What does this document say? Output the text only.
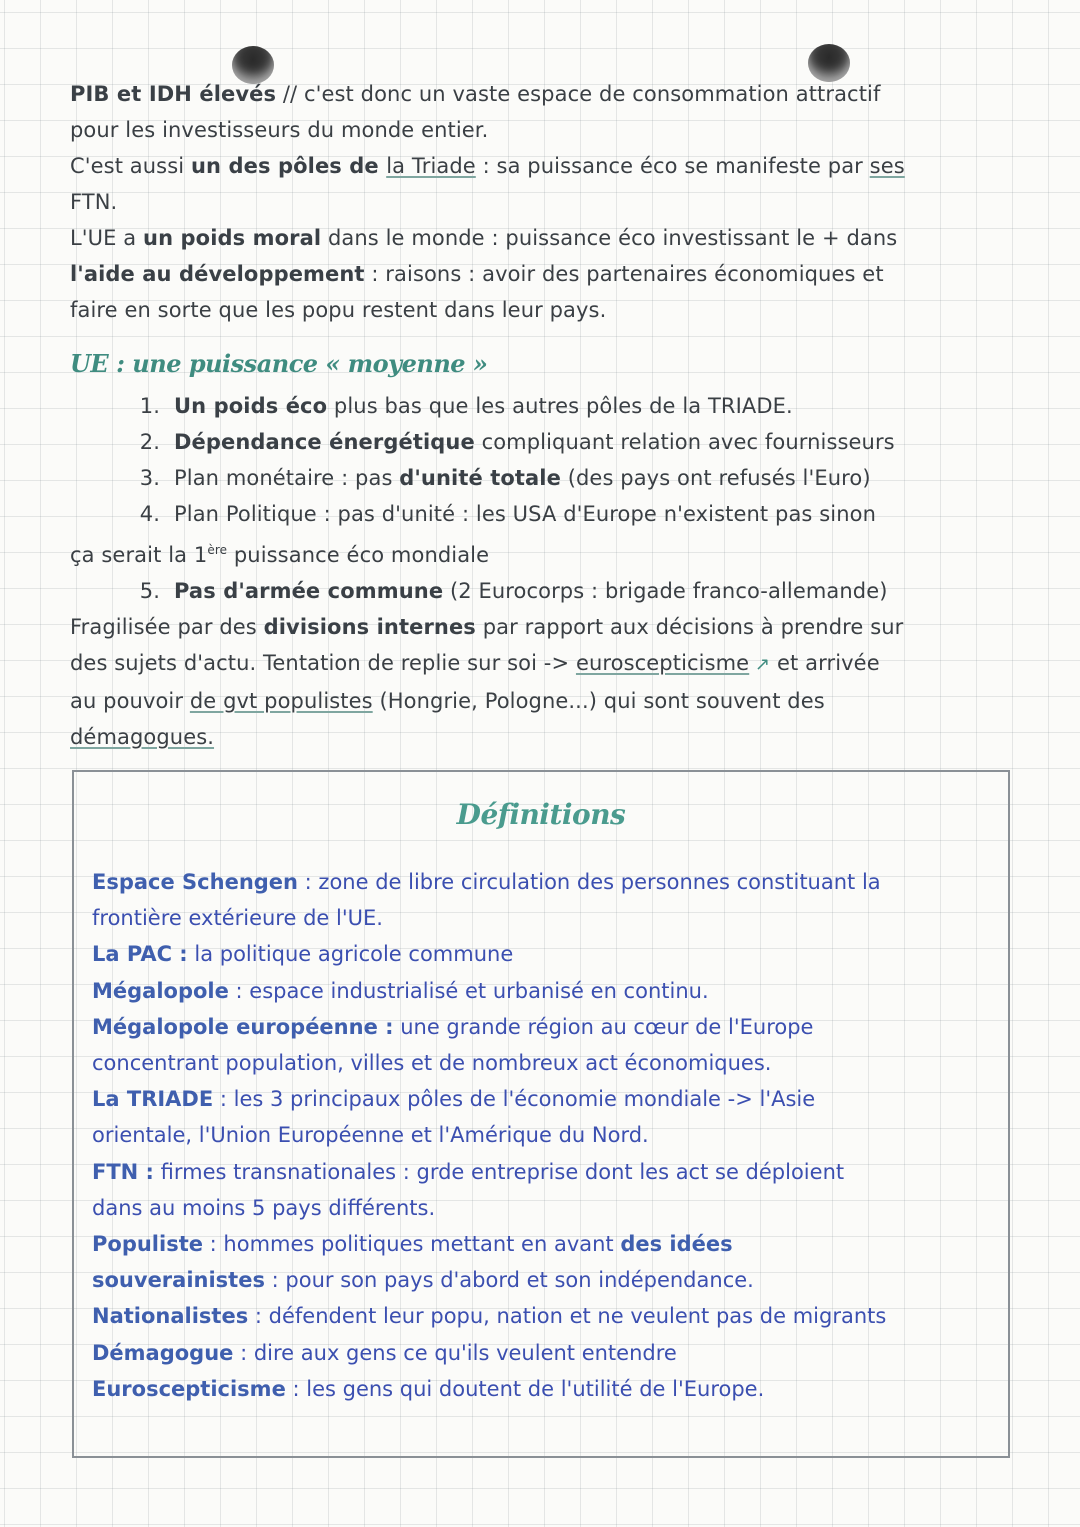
PIB et IDH élevés // c'est donc un vaste espace de consommation attractif

pour les investisseurs du monde entier.

C'est aussi un des pôles de la Triade : sa puissance éco se manifeste par ses

FTN.

L'UE a un poids moral dans le monde : puissance éco investissant le + dans

l'aide au développement : raisons : avoir des partenaires économiques et

faire en sorte que les popu restent dans leur pays.

UE : une puissance « moyenne »

1. Un poids éco plus bas que les autres pôles de la TRIADE.

2. Dépendance énergétique compliquant relation avec fournisseurs

3. Plan monétaire : pas d'unité totale (des pays ont refusés l'Euro)

4. Plan Politique : pas d'unité : les USA d'Europe n'existent pas sinon

ça serait la 1ère puissance éco mondiale

5. Pas d'armée commune (2 Eurocorps : brigade franco-allemande)

Fragilisée par des divisions internes par rapport aux décisions à prendre sur

des sujets d'actu. Tentation de replie sur soi -> euroscepticisme ↗ et arrivée

au pouvoir de gvt populistes (Hongrie, Pologne...) qui sont souvent des

démagogues.

Définitions

Espace Schengen : zone de libre circulation des personnes constituant la

frontière extérieure de l'UE.

La PAC : la politique agricole commune

Mégalopole : espace industrialisé et urbanisé en continu.

Mégalopole européenne : une grande région au cœur de l'Europe

concentrant population, villes et de nombreux act économiques.

La TRIADE : les 3 principaux pôles de l'économie mondiale -> l'Asie

orientale, l'Union Européenne et l'Amérique du Nord.

FTN : firmes transnationales : grde entreprise dont les act se déploient

dans au moins 5 pays différents.

Populiste : hommes politiques mettant en avant des idées

souverainistes : pour son pays d'abord et son indépendance.

Nationalistes : défendent leur popu, nation et ne veulent pas de migrants

Démagogue : dire aux gens ce qu'ils veulent entendre

Euroscepticisme : les gens qui doutent de l'utilité de l'Europe.
